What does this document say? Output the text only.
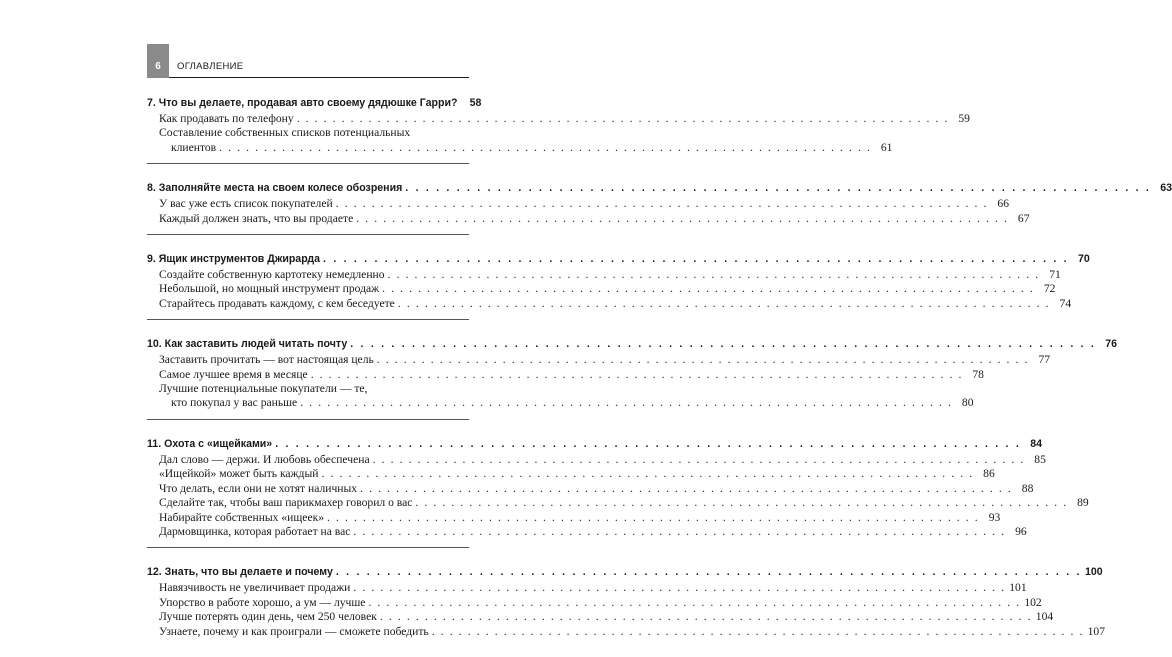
6	ОГЛАВЛЕНИЕ
7. Что вы делаете, продавая авто своему дядюшке Гарри?	58
Как продавать по телефону . . .	59
Составление собственных списков потенциальных
клиентов . . .	61
8. Заполняйте места на своем колесе обозрения . . .	63
У вас уже есть список покупателей . . .	66
Каждый должен знать, что вы продаете . . .	67
9. Ящик инструментов Джирарда . . .	70
Создайте собственную картотеку немедленно . . .	71
Небольшой, но мощный инструмент продаж . . .	72
Старайтесь продавать каждому, с кем беседуете . . .	74
10. Как заставить людей читать почту . . .	76
Заставить прочитать — вот настоящая цель . . .	77
Самое лучшее время в месяце . . .	78
Лучшие потенциальные покупатели — те,
кто покупал у вас раньше . . .	80
11. Охота с «ищейками» . . .	84
Дал слово — держи. И любовь обеспечена . . .	85
«Ищейкой» может быть каждый . . .	86
Что делать, если они не хотят наличных . . .	88
Сделайте так, чтобы ваш парикмахер говорил о вас . . .	89
Набирайте собственных «ищеек» . . .	93
Дармовщинка, которая работает на вас . . .	96
12. Знать, что вы делаете и почему . . .	100
Навязчивость не увеличивает продажи . . .	101
Упорство в работе хорошо, а ум — лучше . . .	102
Лучше потерять один день, чем 250 человек . . .	104
Узнаете, почему и как проиграли — сможете победить . . .	107
